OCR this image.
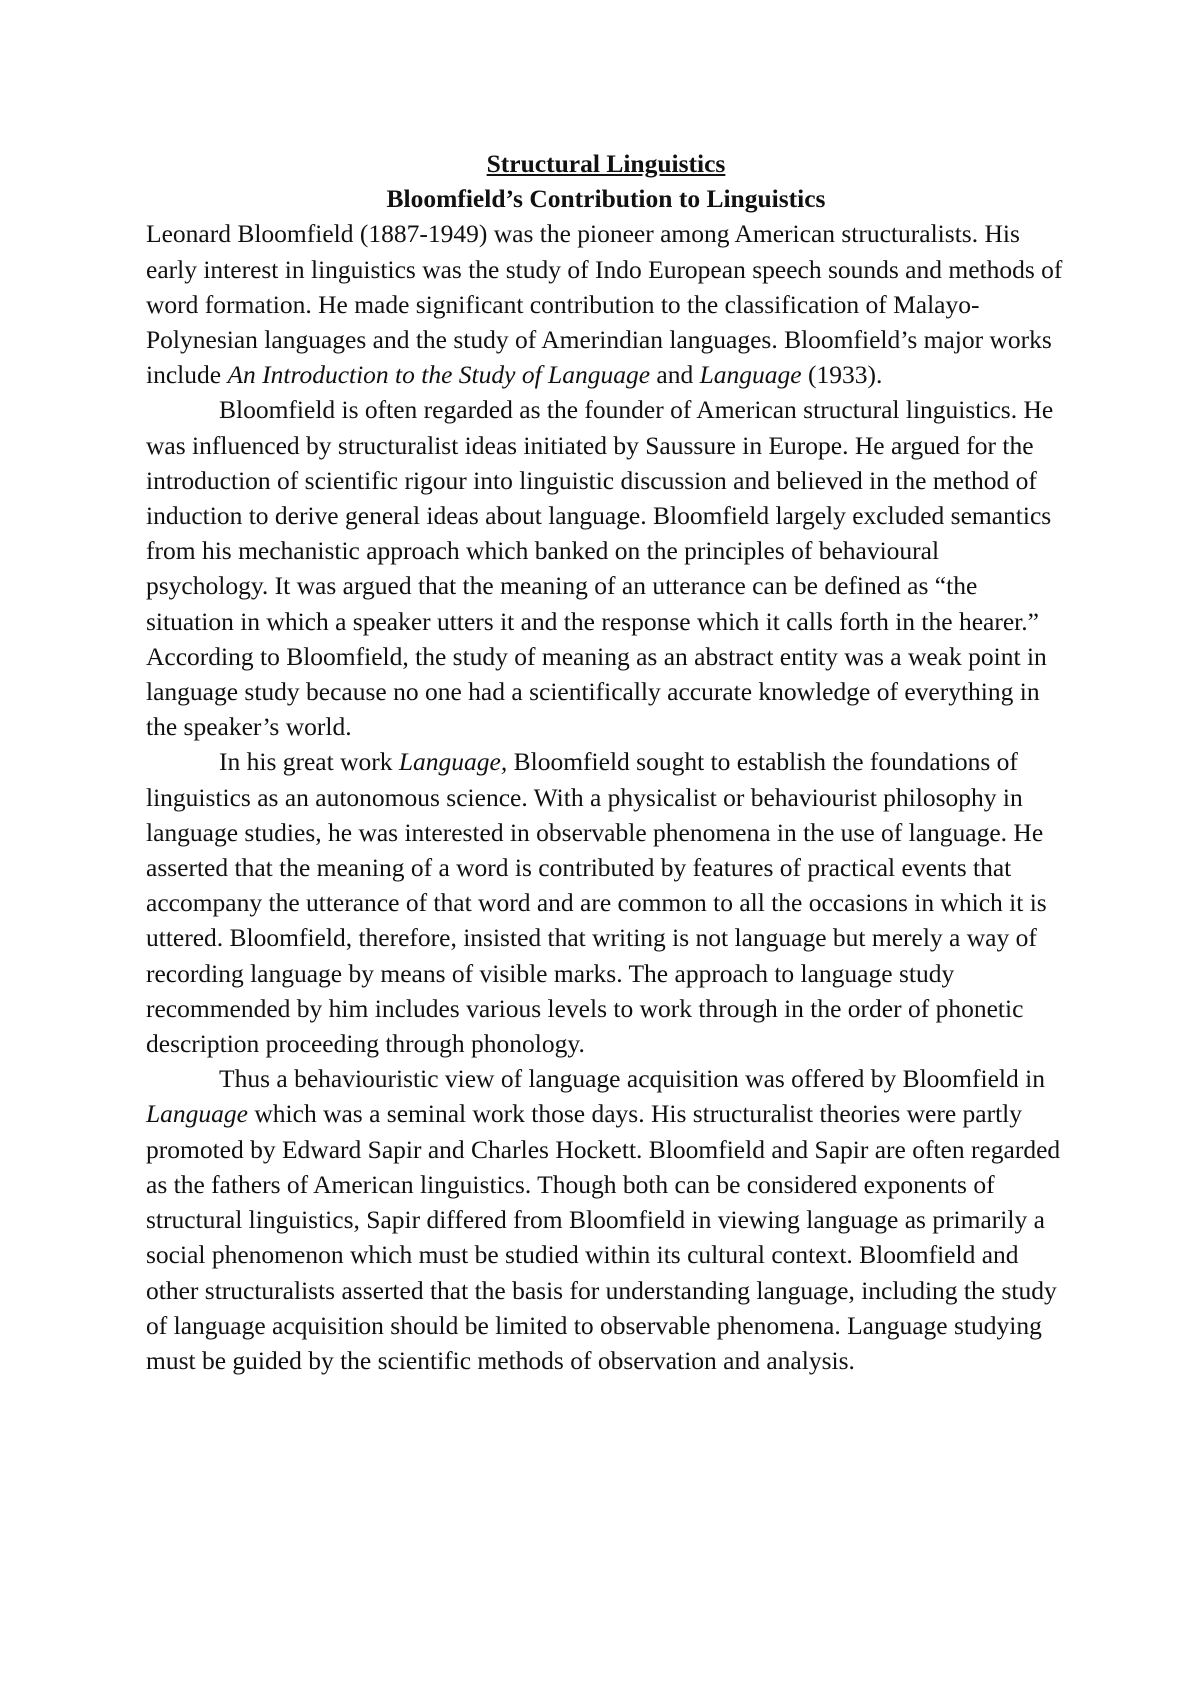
Structural Linguistics
Bloomfield’s Contribution to Linguistics

Leonard Bloomfield (1887-1949) was the pioneer among American structuralists. His early interest in linguistics was the study of Indo European speech sounds and methods of word formation. He made significant contribution to the classification of Malayo-Polynesian languages and the study of Amerindian languages. Bloomfield’s major works include An Introduction to the Study of Language and Language (1933).

Bloomfield is often regarded as the founder of American structural linguistics. He was influenced by structuralist ideas initiated by Saussure in Europe. He argued for the introduction of scientific rigour into linguistic discussion and believed in the method of induction to derive general ideas about language. Bloomfield largely excluded semantics from his mechanistic approach which banked on the principles of behavioural psychology. It was argued that the meaning of an utterance can be defined as “the situation in which a speaker utters it and the response which it calls forth in the hearer.” According to Bloomfield, the study of meaning as an abstract entity was a weak point in language study because no one had a scientifically accurate knowledge of everything in the speaker’s world.

In his great work Language, Bloomfield sought to establish the foundations of linguistics as an autonomous science. With a physicalist or behaviourist philosophy in language studies, he was interested in observable phenomena in the use of language. He asserted that the meaning of a word is contributed by features of practical events that accompany the utterance of that word and are common to all the occasions in which it is uttered. Bloomfield, therefore, insisted that writing is not language but merely a way of recording language by means of visible marks. The approach to language study recommended by him includes various levels to work through in the order of phonetic description proceeding through phonology.

Thus a behaviouristic view of language acquisition was offered by Bloomfield in Language which was a seminal work those days. His structuralist theories were partly promoted by Edward Sapir and Charles Hockett. Bloomfield and Sapir are often regarded as the fathers of American linguistics. Though both can be considered exponents of structural linguistics, Sapir differed from Bloomfield in viewing language as primarily a social phenomenon which must be studied within its cultural context. Bloomfield and other structuralists asserted that the basis for understanding language, including the study of language acquisition should be limited to observable phenomena. Language studying must be guided by the scientific methods of observation and analysis.
